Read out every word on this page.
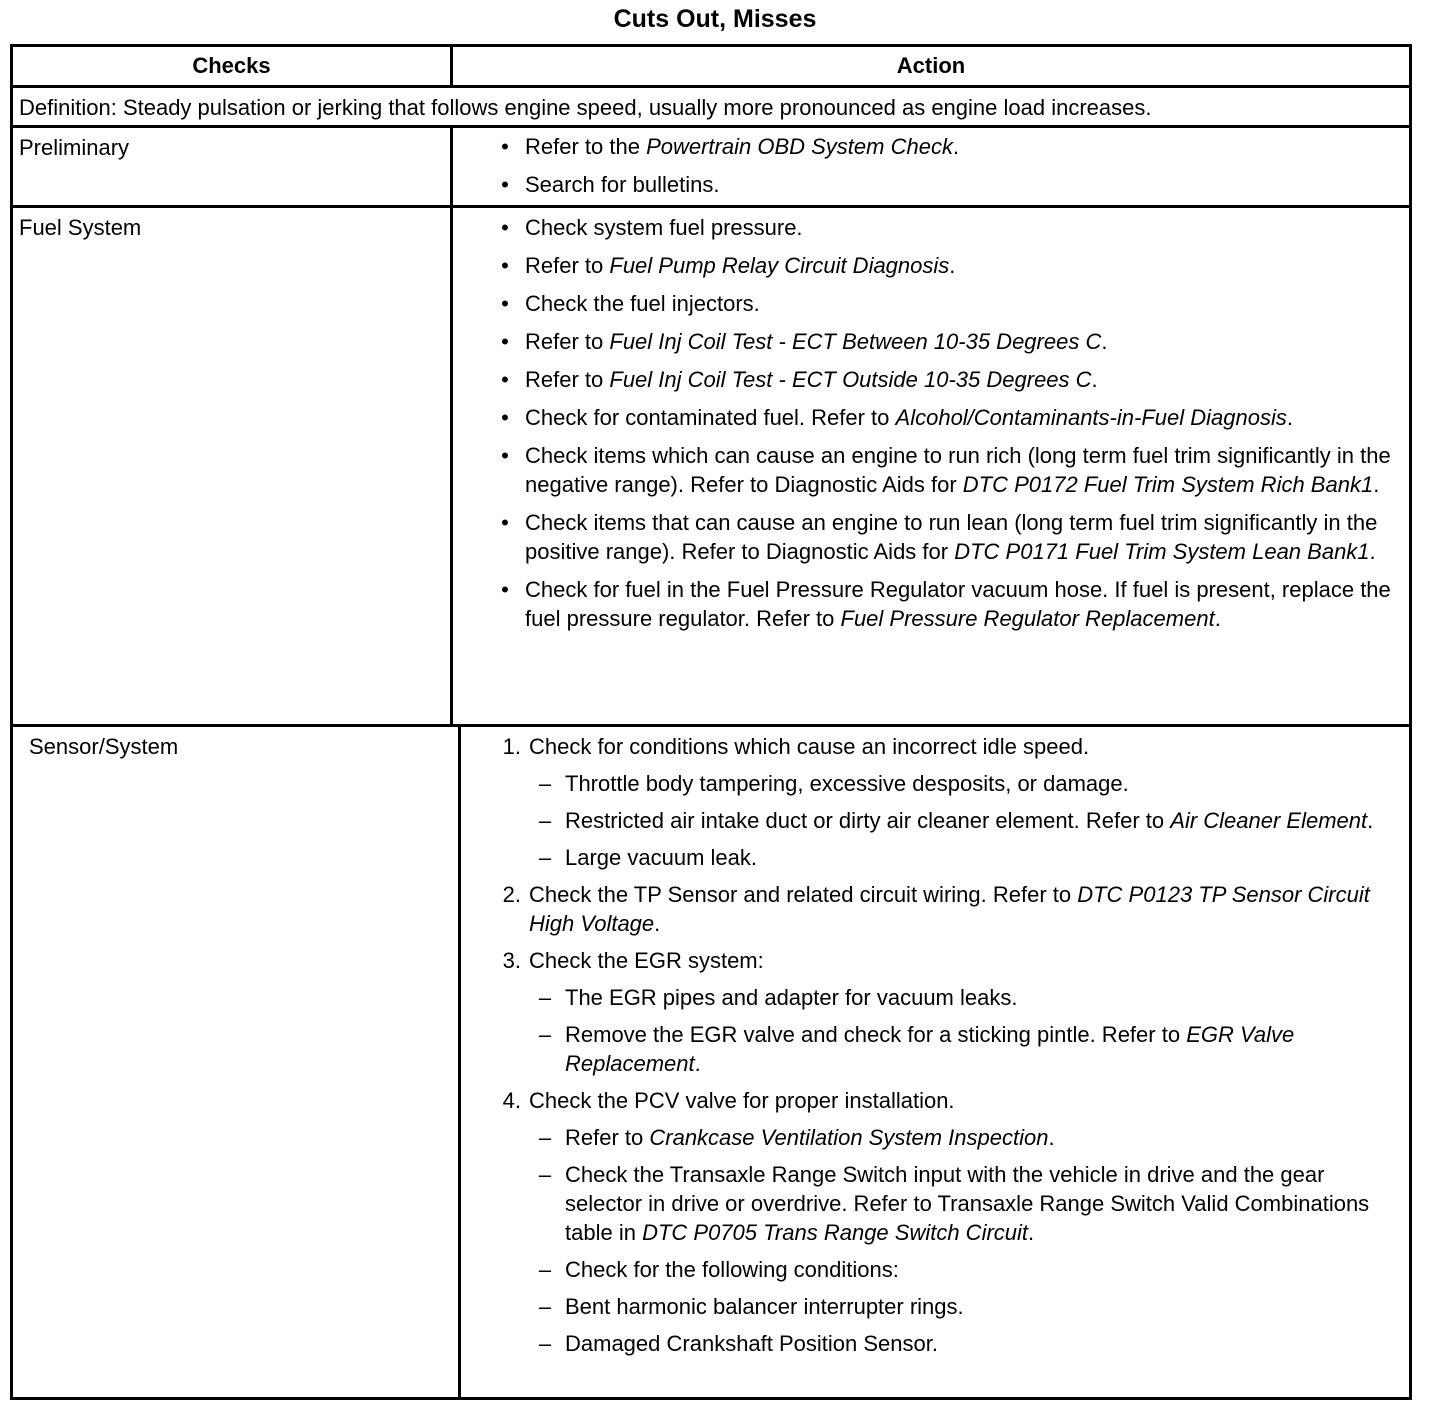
Cuts Out, Misses
Checks	Action
Definition: Steady pulsation or jerking that follows engine speed, usually more pronounced as engine load increases.
Preliminary	• Refer to the Powertrain OBD System Check.
• Search for bulletins.
Fuel System	• Check system fuel pressure.
• Refer to Fuel Pump Relay Circuit Diagnosis.
• Check the fuel injectors.
• Refer to Fuel Inj Coil Test - ECT Between 10-35 Degrees C.
• Refer to Fuel Inj Coil Test - ECT Outside 10-35 Degrees C.
• Check for contaminated fuel. Refer to Alcohol/Contaminants-in-Fuel Diagnosis.
• Check items which can cause an engine to run rich (long term fuel trim significantly in the negative range). Refer to Diagnostic Aids for DTC P0172 Fuel Trim System Rich Bank1.
• Check items that can cause an engine to run lean (long term fuel trim significantly in the positive range). Refer to Diagnostic Aids for DTC P0171 Fuel Trim System Lean Bank1.
• Check for fuel in the Fuel Pressure Regulator vacuum hose. If fuel is present, replace the fuel pressure regulator. Refer to Fuel Pressure Regulator Replacement.
Sensor/System	1. Check for conditions which cause an incorrect idle speed.
– Throttle body tampering, excessive desposits, or damage.
– Restricted air intake duct or dirty air cleaner element. Refer to Air Cleaner Element.
– Large vacuum leak.
2. Check the TP Sensor and related circuit wiring. Refer to DTC P0123 TP Sensor Circuit High Voltage.
3. Check the EGR system:
– The EGR pipes and adapter for vacuum leaks.
– Remove the EGR valve and check for a sticking pintle. Refer to EGR Valve Replacement.
4. Check the PCV valve for proper installation.
– Refer to Crankcase Ventilation System Inspection.
– Check the Transaxle Range Switch input with the vehicle in drive and the gear selector in drive or overdrive. Refer to Transaxle Range Switch Valid Combinations table in DTC P0705 Trans Range Switch Circuit.
– Check for the following conditions:
– Bent harmonic balancer interrupter rings.
– Damaged Crankshaft Position Sensor.
